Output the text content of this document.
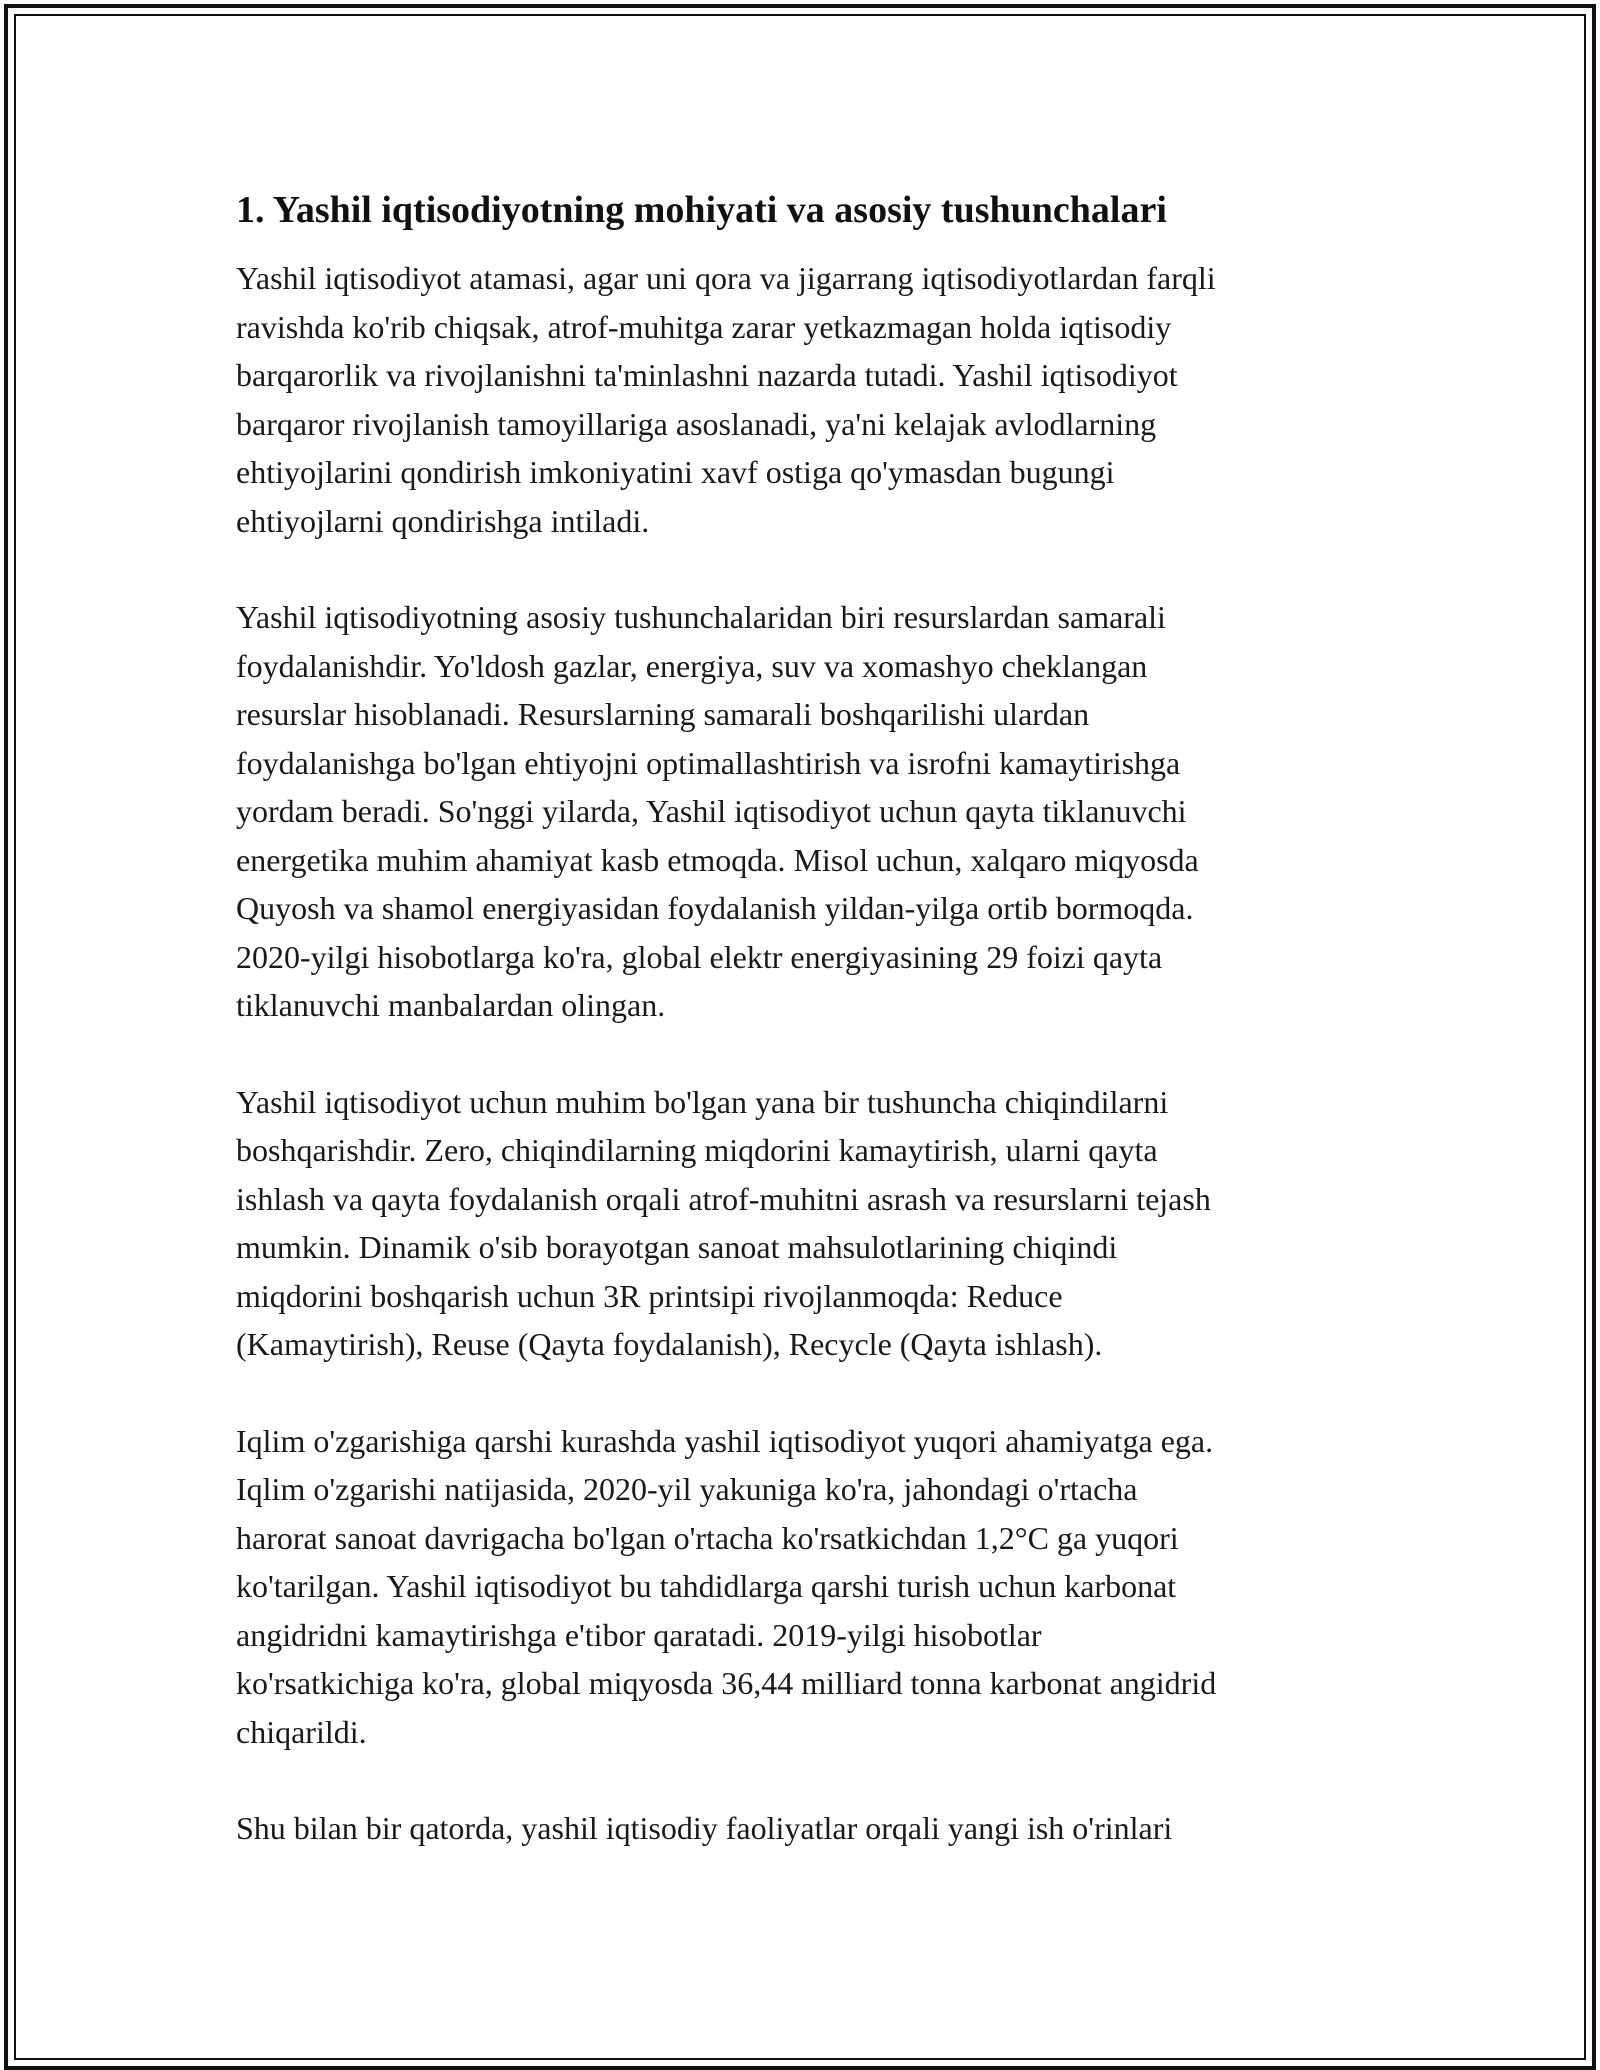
1. Yashil iqtisodiyotning mohiyati va asosiy tushunchalari

Yashil iqtisodiyot atamasi, agar uni qora va jigarrang iqtisodiyotlardan farqli
ravishda ko'rib chiqsak, atrof-muhitga zarar yetkazmagan holda iqtisodiy
barqarorlik va rivojlanishni ta'minlashni nazarda tutadi. Yashil iqtisodiyot
barqaror rivojlanish tamoyillariga asoslanadi, ya'ni kelajak avlodlarning
ehtiyojlarini qondirish imkoniyatini xavf ostiga qo'ymasdan bugungi
ehtiyojlarni qondirishga intiladi.

Yashil iqtisodiyotning asosiy tushunchalaridan biri resurslardan samarali
foydalanishdir. Yo'ldosh gazlar, energiya, suv va xomashyo cheklangan
resurslar hisoblanadi. Resurslarning samarali boshqarilishi ulardan
foydalanishga bo'lgan ehtiyojni optimallashtirish va isrofni kamaytirishga
yordam beradi. So'nggi yilarda, Yashil iqtisodiyot uchun qayta tiklanuvchi
energetika muhim ahamiyat kasb etmoqda. Misol uchun, xalqaro miqyosda
Quyosh va shamol energiyasidan foydalanish yildan-yilga ortib bormoqda.
2020-yilgi hisobotlarga ko'ra, global elektr energiyasining 29 foizi qayta
tiklanuvchi manbalardan olingan.

Yashil iqtisodiyot uchun muhim bo'lgan yana bir tushuncha chiqindilarni
boshqarishdir. Zero, chiqindilarning miqdorini kamaytirish, ularni qayta
ishlash va qayta foydalanish orqali atrof-muhitni asrash va resurslarni tejash
mumkin. Dinamik o'sib borayotgan sanoat mahsulotlarining chiqindi
miqdorini boshqarish uchun 3R printsipi rivojlanmoqda: Reduce
(Kamaytirish), Reuse (Qayta foydalanish), Recycle (Qayta ishlash).

Iqlim o'zgarishiga qarshi kurashda yashil iqtisodiyot yuqori ahamiyatga ega.
Iqlim o'zgarishi natijasida, 2020-yil yakuniga ko'ra, jahondagi o'rtacha
harorat sanoat davrigacha bo'lgan o'rtacha ko'rsatkichdan 1,2°C ga yuqori
ko'tarilgan. Yashil iqtisodiyot bu tahdidlarga qarshi turish uchun karbonat
angidridni kamaytirishga e'tibor qaratadi. 2019-yilgi hisobotlar
ko'rsatkichiga ko'ra, global miqyosda 36,44 milliard tonna karbonat angidrid
chiqarildi.

Shu bilan bir qatorda, yashil iqtisodiy faoliyatlar orqali yangi ish o'rinlari
